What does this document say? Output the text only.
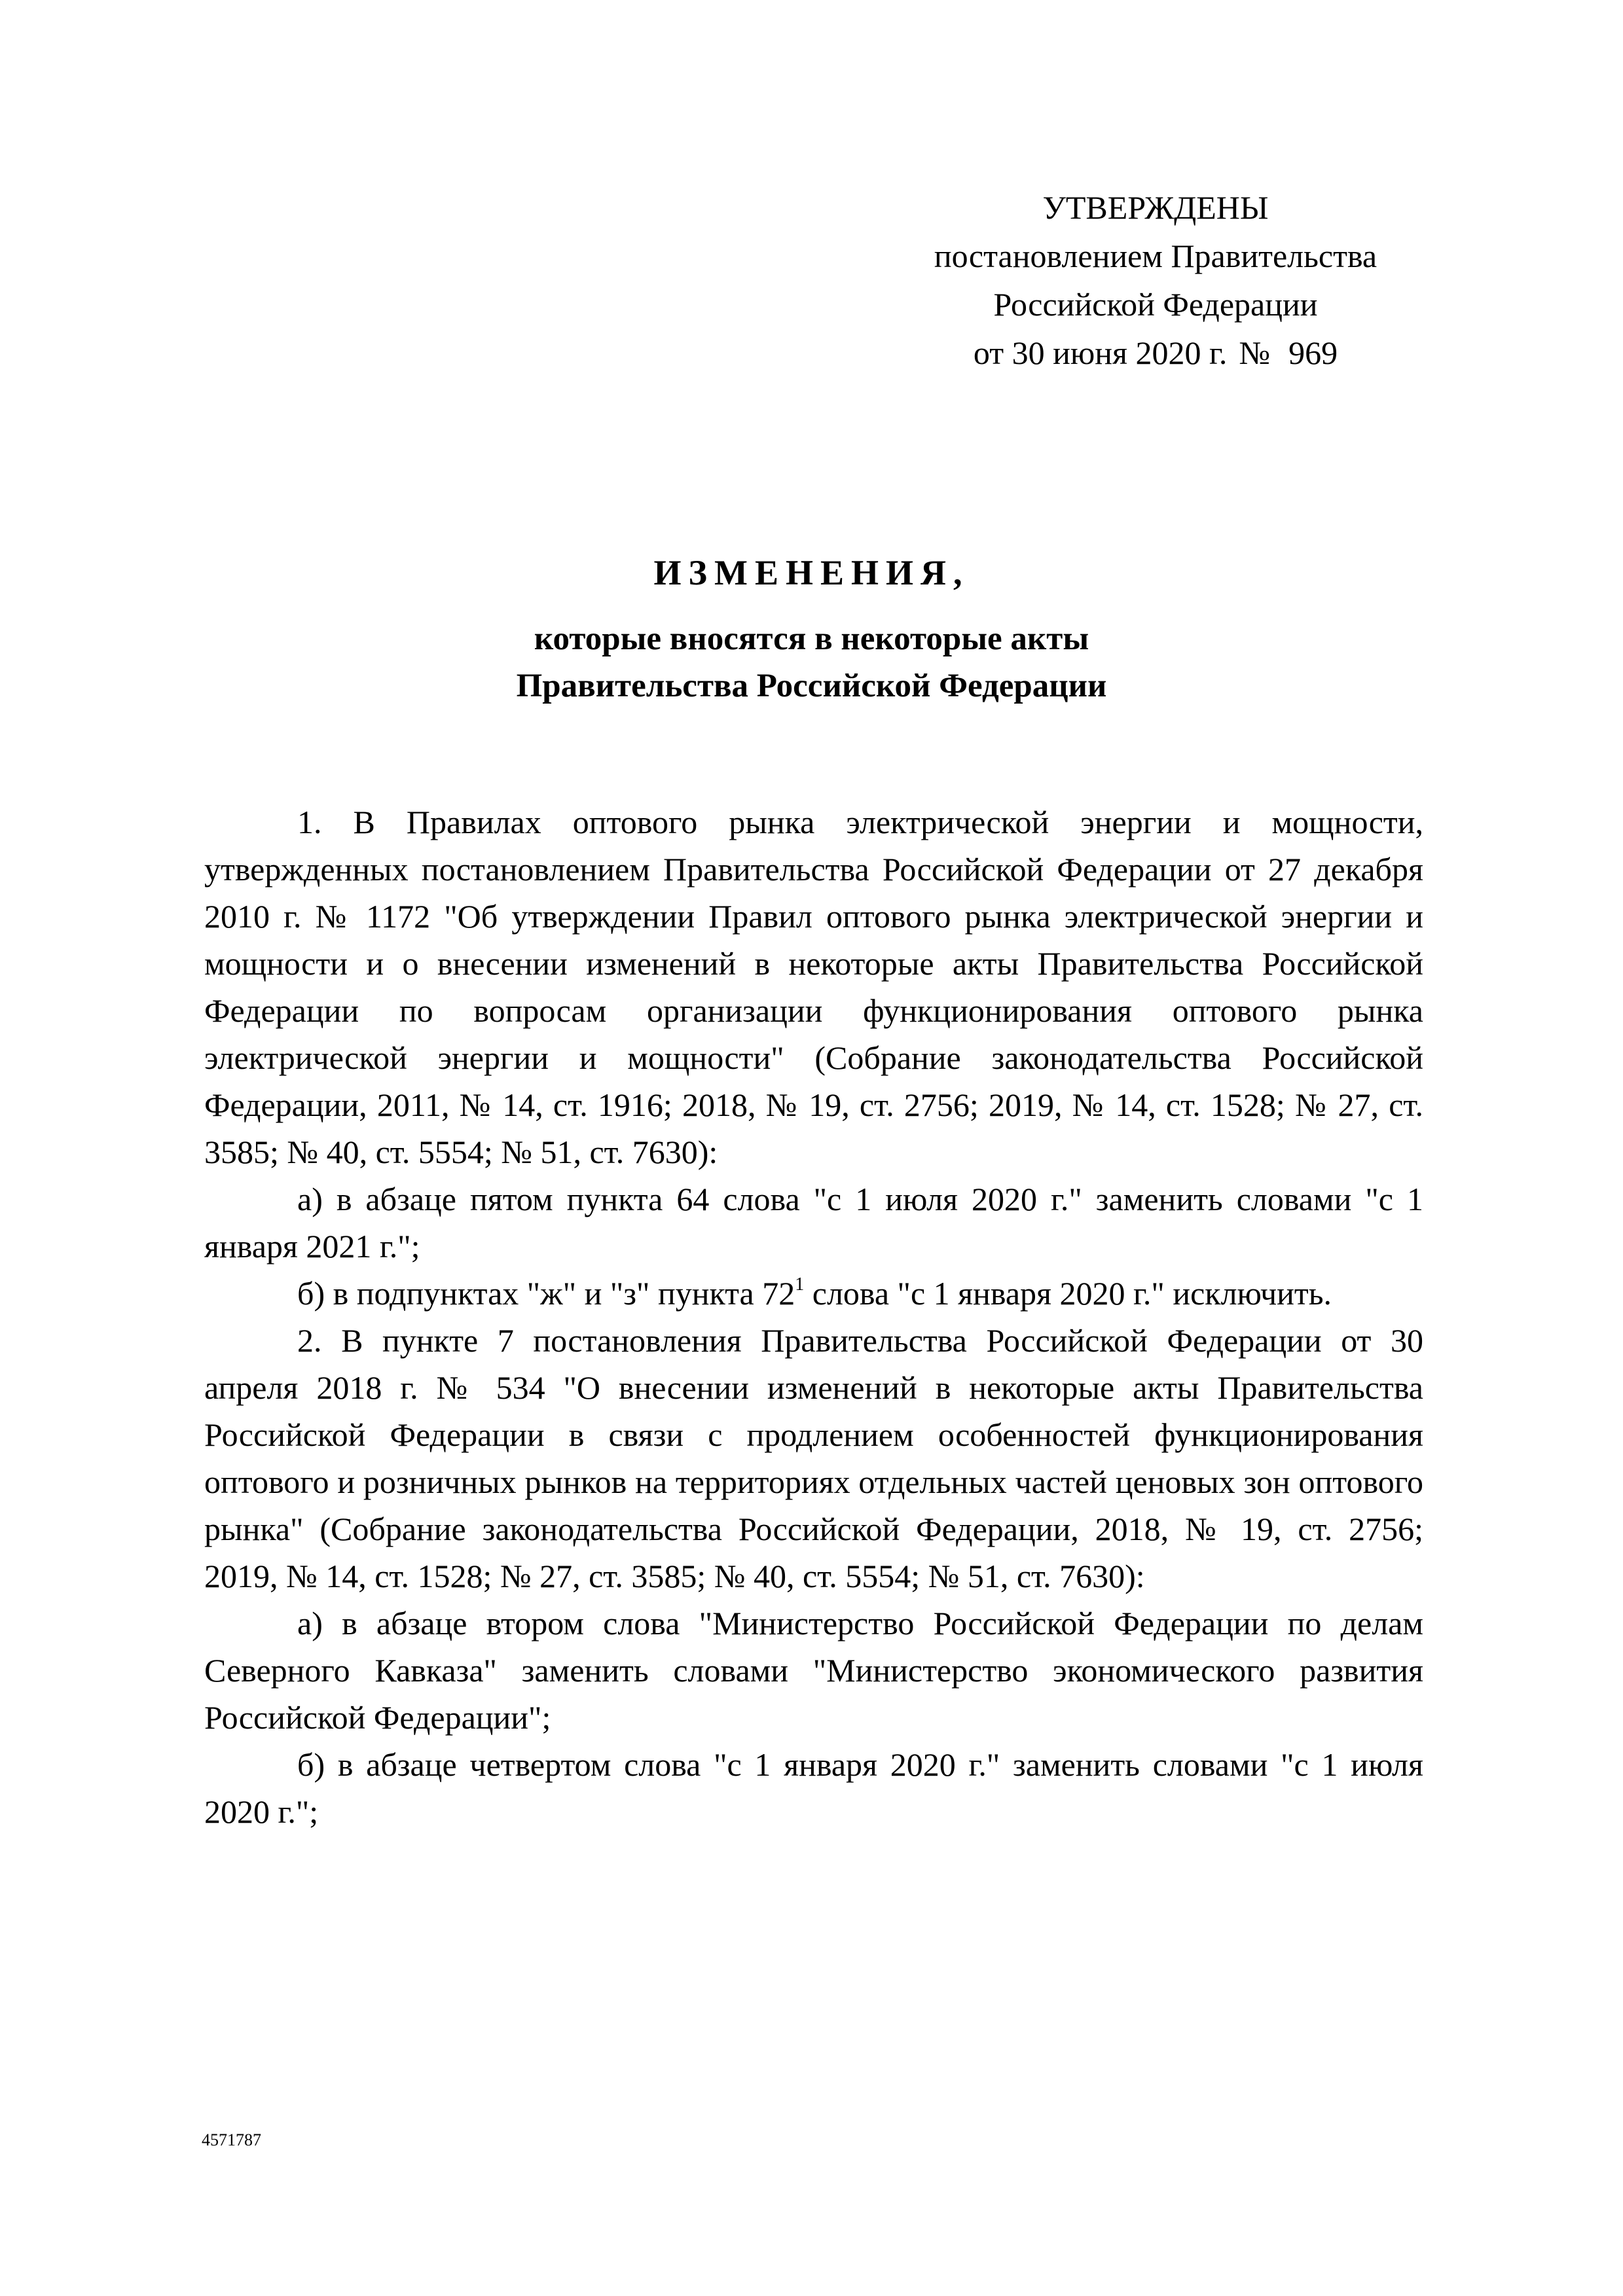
УТВЕРЖДЕНЫ
постановлением Правительства
Российской Федерации
от 30 июня 2020 г. № 969
ИЗМЕНЕНИЯ,
которые вносятся в некоторые акты
Правительства Российской Федерации

1. В Правилах оптового рынка электрической энергии и мощности, утвержденных постановлением Правительства Российской Федерации от 27 декабря 2010 г. № 1172 "Об утверждении Правил оптового рынка электрической энергии и мощности и о внесении изменений в некоторые акты Правительства Российской Федерации по вопросам организации функционирования оптового рынка электрической энергии и мощности" (Собрание законодательства Российской Федерации, 2011, № 14, ст. 1916; 2018, № 19, ст. 2756; 2019, № 14, ст. 1528; № 27, ст. 3585; № 40, ст. 5554; № 51, ст. 7630):

а) в абзаце пятом пункта 64 слова "с 1 июля 2020 г." заменить словами "с 1 января 2021 г.";

б) в подпунктах "ж" и "з" пункта $72^1$ слова "с 1 января 2020 г." исключить.

2. В пункте 7 постановления Правительства Российской Федерации от 30 апреля 2018 г. № 534 "О внесении изменений в некоторые акты Правительства Российской Федерации в связи с продлением особенностей функционирования оптового и розничных рынков на территориях отдельных частей ценовых зон оптового рынка" (Собрание законодательства Российской Федерации, 2018, № 19, ст. 2756; 2019, № 14, ст. 1528; № 27, ст. 3585; № 40, ст. 5554; № 51, ст. 7630):

а) в абзаце втором слова "Министерство Российской Федерации по делам Северного Кавказа" заменить словами "Министерство экономического развития Российской Федерации";

б) в абзаце четвертом слова "с 1 января 2020 г." заменить словами "с 1 июля 2020 г.";

4571787
